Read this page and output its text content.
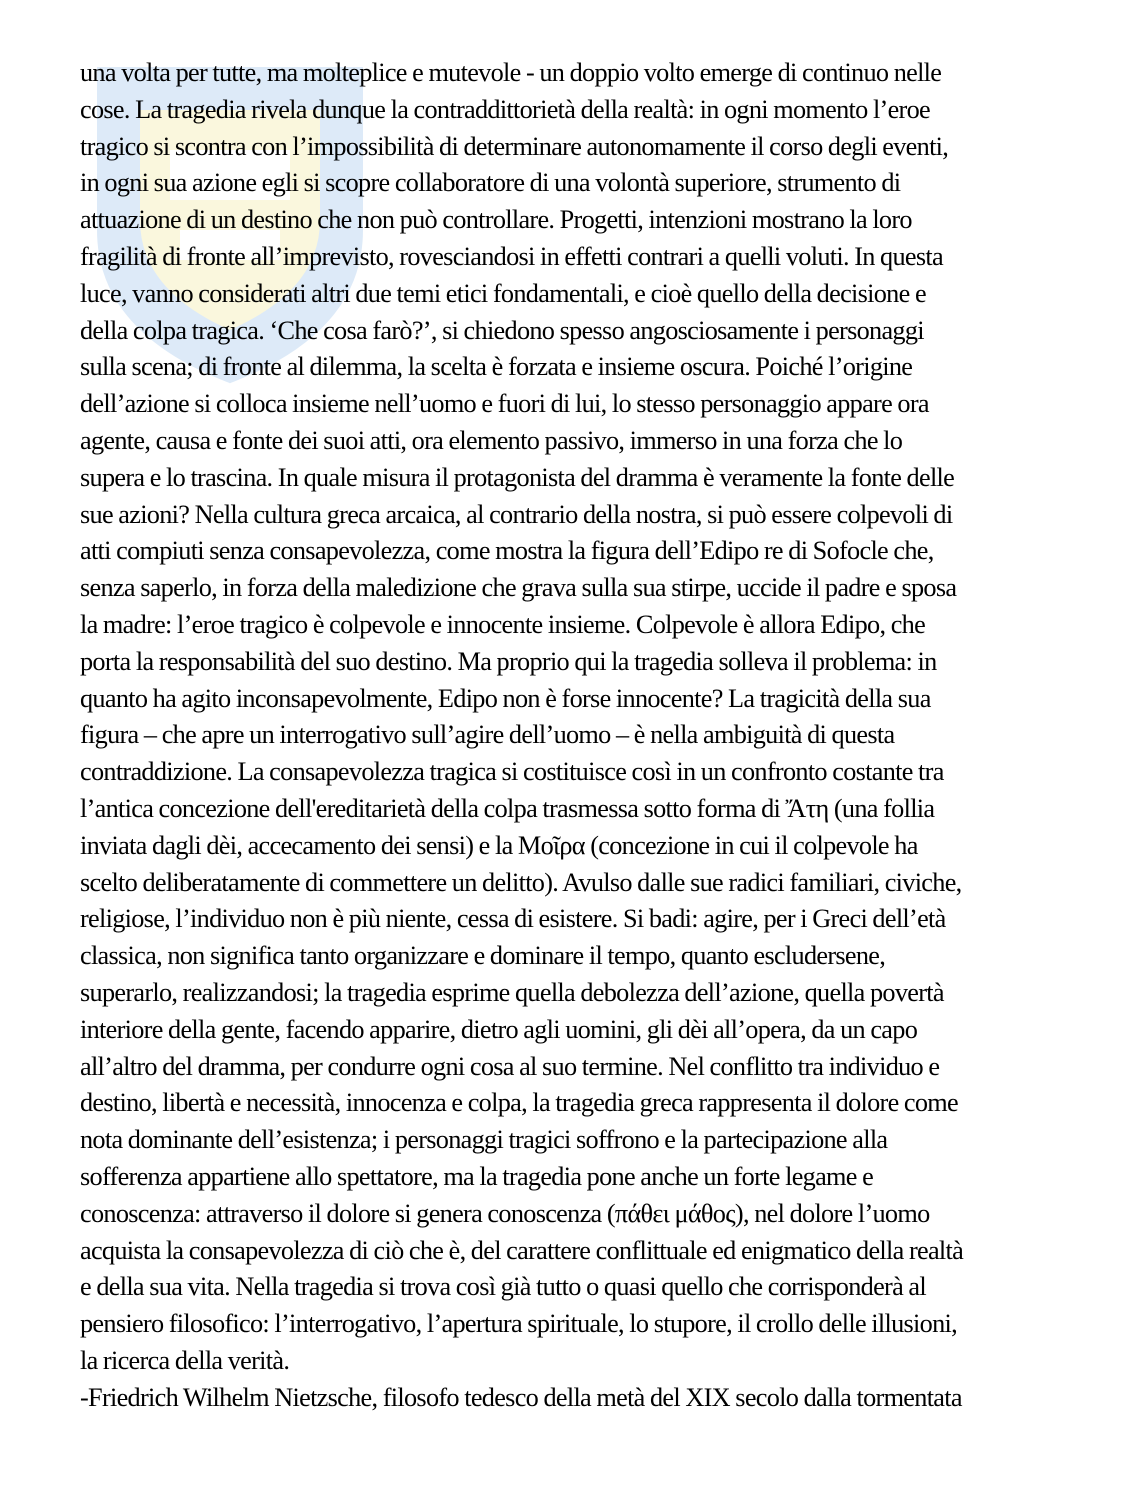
una volta per tutte, ma molteplice e mutevole - un doppio volto emerge di continuo nelle
cose. La tragedia rivela dunque la contraddittorietà della realtà: in ogni momento l’eroe
tragico si scontra con l’impossibilità di determinare autonomamente il corso degli eventi,
in ogni sua azione egli si scopre collaboratore di una volontà superiore, strumento di
attuazione di un destino che non può controllare. Progetti, intenzioni mostrano la loro
fragilità di fronte all’imprevisto, rovesciandosi in effetti contrari a quelli voluti. In questa
luce, vanno considerati altri due temi etici fondamentali, e cioè quello della decisione e
della colpa tragica. ‘Che cosa farò?’, si chiedono spesso angosciosamente i personaggi
sulla scena; di fronte al dilemma, la scelta è forzata e insieme oscura. Poiché l’origine
dell’azione si colloca insieme nell’uomo e fuori di lui, lo stesso personaggio appare ora
agente, causa e fonte dei suoi atti, ora elemento passivo, immerso in una forza che lo
supera e lo trascina. In quale misura il protagonista del dramma è veramente la fonte delle
sue azioni? Nella cultura greca arcaica, al contrario della nostra, si può essere colpevoli di
atti compiuti senza consapevolezza, come mostra la figura dell’Edipo re di Sofocle che,
senza saperlo, in forza della maledizione che grava sulla sua stirpe, uccide il padre e sposa
la madre: l’eroe tragico è colpevole e innocente insieme. Colpevole è allora Edipo, che
porta la responsabilità del suo destino. Ma proprio qui la tragedia solleva il problema: in
quanto ha agito inconsapevolmente, Edipo non è forse innocente? La tragicità della sua
figura – che apre un interrogativo sull’agire dell’uomo – è nella ambiguità di questa
contraddizione. La consapevolezza tragica si costituisce così in un confronto costante tra
l’antica concezione dell'ereditarietà della colpa trasmessa sotto forma di Ἄτη (una follia
inviata dagli dèi, accecamento dei sensi) e la Μοῖρα (concezione in cui il colpevole ha
scelto deliberatamente di commettere un delitto). Avulso dalle sue radici familiari, civiche,
religiose, l’individuo non è più niente, cessa di esistere. Si badi: agire, per i Greci dell’età
classica, non significa tanto organizzare e dominare il tempo, quanto escludersene,
superarlo, realizzandosi; la tragedia esprime quella debolezza dell’azione, quella povertà
interiore della gente, facendo apparire, dietro agli uomini, gli dèi all’opera, da un capo
all’altro del dramma, per condurre ogni cosa al suo termine. Nel conflitto tra individuo e
destino, libertà e necessità, innocenza e colpa, la tragedia greca rappresenta il dolore come
nota dominante dell’esistenza; i personaggi tragici soffrono e la partecipazione alla
sofferenza appartiene allo spettatore, ma la tragedia pone anche un forte legame e
conoscenza: attraverso il dolore si genera conoscenza (πάθει μάθος), nel dolore l’uomo
acquista la consapevolezza di ciò che è, del carattere conflittuale ed enigmatico della realtà
e della sua vita. Nella tragedia si trova così già tutto o quasi quello che corrisponderà al
pensiero filosofico: l’interrogativo, l’apertura spirituale, lo stupore, il crollo delle illusioni,
la ricerca della verità.
-Friedrich Wilhelm Nietzsche, filosofo tedesco della metà del XIX secolo dalla tormentata
